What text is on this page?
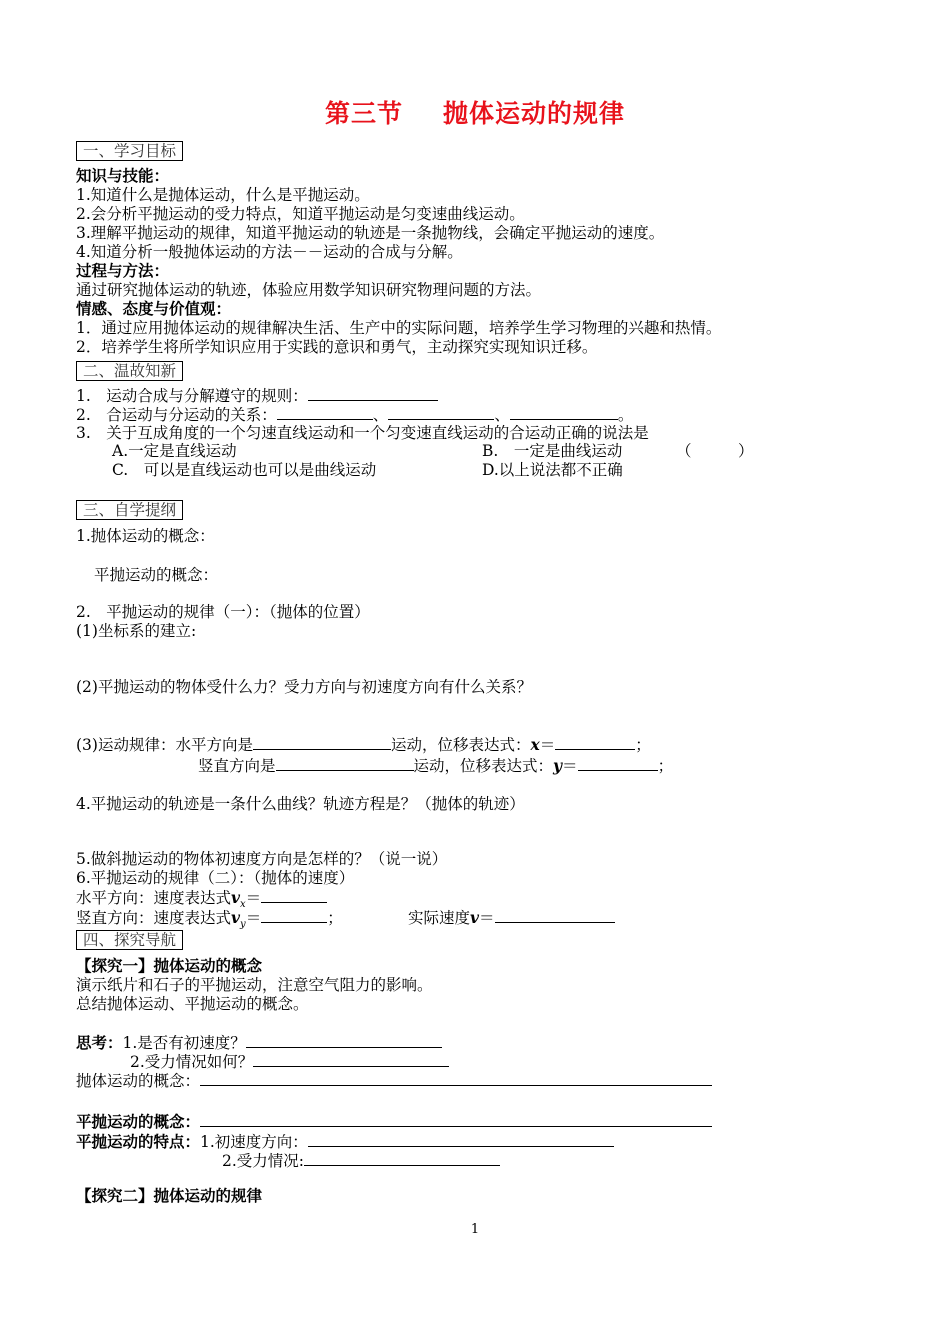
第三节 抛体运动的规律
一、学习目标
知识与技能：
1.知道什么是抛体运动，什么是平抛运动。
2.会分析平抛运动的受力特点，知道平抛运动是匀变速曲线运动。
3.理解平抛运动的规律，知道平抛运动的轨迹是一条抛物线，会确定平抛运动的速度。
4.知道分析一般抛体运动的方法－－运动的合成与分解。
过程与方法：
通过研究抛体运动的轨迹，体验应用数学知识研究物理问题的方法。
情感、态度与价值观：
1．通过应用抛体运动的规律解决生活、生产中的实际问题，培养学生学习物理的兴趣和热情。
2．培养学生将所学知识应用于实践的意识和勇气，主动探究实现知识迁移。
二、温故知新
1.　运动合成与分解遵守的规则：
2.　合运动与分运动的关系：	、	、	。
3.　关于互成角度的一个匀速直线运动和一个匀变速直线运动的合运动正确的说法是
A.一定是直线运动	B.　一定是曲线运动	（　　　）
C.　可以是直线运动也可以是曲线运动	D.以上说法都不正确
三、自学提纲
1.抛体运动的概念：
平抛运动的概念：
2.　平抛运动的规律（一）：（抛体的位置）
(1)坐标系的建立:
(2)平抛运动的物体受什么力？受力方向与初速度方向有什么关系？
(3)运动规律：水平方向是	运动，位移表达式：x＝	；
竖直方向是	运动，位移表达式：y＝	；
4.平抛运动的轨迹是一条什么曲线？轨迹方程是？（抛体的轨迹）
5.做斜抛运动的物体初速度方向是怎样的？（说一说）
6.平抛运动的规律（二）：（抛体的速度）
水平方向：速度表达式$v_x=$
竖直方向：速度表达式$v_y=$	；	实际速度v＝
四、探究导航
【探究一】抛体运动的概念
演示纸片和石子的平抛运动，注意空气阻力的影响。
总结抛体运动、平抛运动的概念。
思考：1.是否有初速度？
2.受力情况如何？
抛体运动的概念：
平抛运动的概念：
平抛运动的特点：1.初速度方向：
2.受力情况:
【探究二】抛体运动的规律
1
